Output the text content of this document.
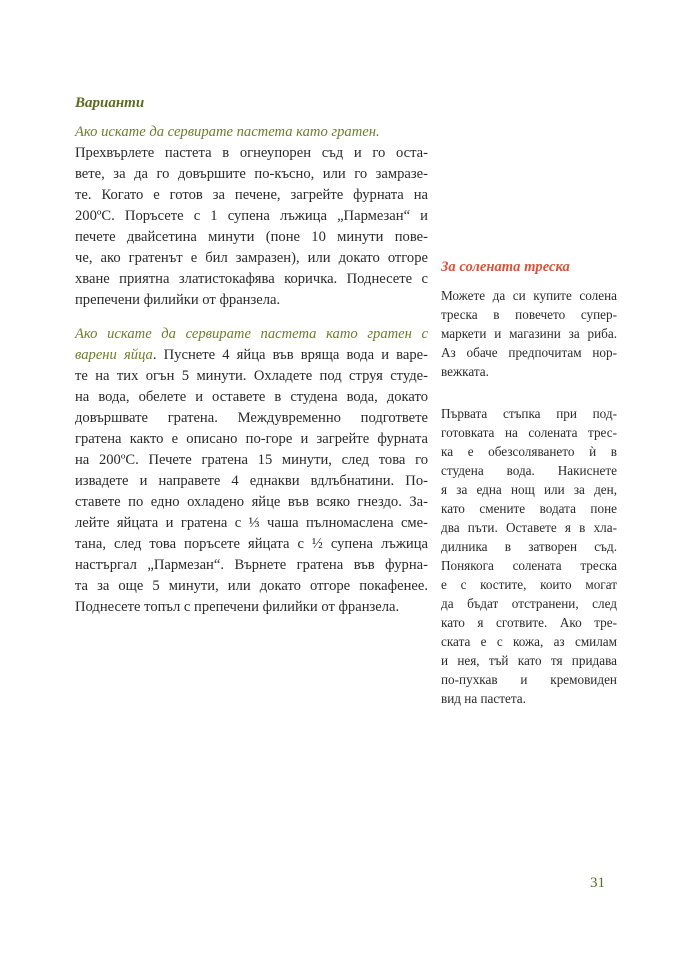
Варианти
Ако искате да сервирате пастета като гратен.
Прехвърлете пастета в огнеупорен съд и го оста-
вете, за да го довършите по-късно, или го замразе-
те. Когато е готов за печене, загрейте фурната на
200ºС. Поръсете с 1 супена лъжица „Пармезан“ и
печете двайсетина минути (поне 10 минути пове-
че, ако гратенът е бил замразен), или докато отгоре
хване приятна златистокафява коричка. Поднесете с
препечени филийки от франзела.
Ако искате да сервирате пастета като гратен с
варени яйца. Пуснете 4 яйца във вряща вода и варе-
те на тих огън 5 минути. Охладете под струя студе-
на вода, обелете и оставете в студена вода, докато
довършвате гратена. Междувременно подгответе
гратена както е описано по-горе и загрейте фурната
на 200ºС. Печете гратена 15 минути, след това го
извадете и направете 4 еднакви вдлъбнатини. По-
ставете по едно охладено яйце във всяко гнездо. За-
лейте яйцата и гратена с ⅓ чаша пълномаслена сме-
тана, след това поръсете яйцата с ½ супена лъжица
настъргал „Пармезан“. Върнете гратена във фурна-
та за още 5 минути, или докато отгоре покафенее.
Поднесете топъл с препечени филийки от франзела.
За солената треска
Можете да си купите солена
треска в повечето супер-
маркети и магазини за риба.
Аз обаче предпочитам нор-
вежката.
Първата стъпка при под-
готовката на солената трес-
ка е обезсоляването ѝ в
студена вода. Накиснете
я за една нощ или за ден,
като смените водата поне
два пъти. Оставете я в хла-
дилника в затворен съд.
Понякога солената треска
е с костите, които могат
да бъдат отстранени, след
като я сготвите. Ако тре-
ската е с кожа, аз смилам
и нея, тъй като тя придава
по-пухкав и кремовиден
вид на пастета.
31
